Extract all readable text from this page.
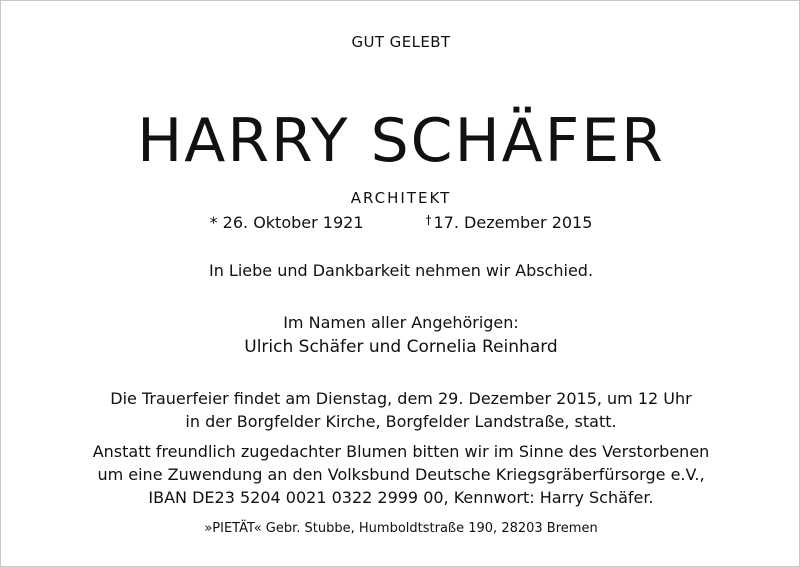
GUT GELEBT
HARRY SCHÄFER
ARCHITEKT
* 26. Oktober 1921	† 17. Dezember 2015
In Liebe und Dankbarkeit nehmen wir Abschied.
Im Namen aller Angehörigen:
Ulrich Schäfer und Cornelia Reinhard
Die Trauerfeier findet am Dienstag, dem 29. Dezember 2015, um 12 Uhr
in der Borgfelder Kirche, Borgfelder Landstraße, statt.
Anstatt freundlich zugedachter Blumen bitten wir im Sinne des Verstorbenen
um eine Zuwendung an den Volksbund Deutsche Kriegsgräberfürsorge e.V.,
IBAN DE23 5204 0021 0322 2999 00, Kennwort: Harry Schäfer.
»PIETÄT« Gebr. Stubbe, Humboldtstraße 190, 28203 Bremen
